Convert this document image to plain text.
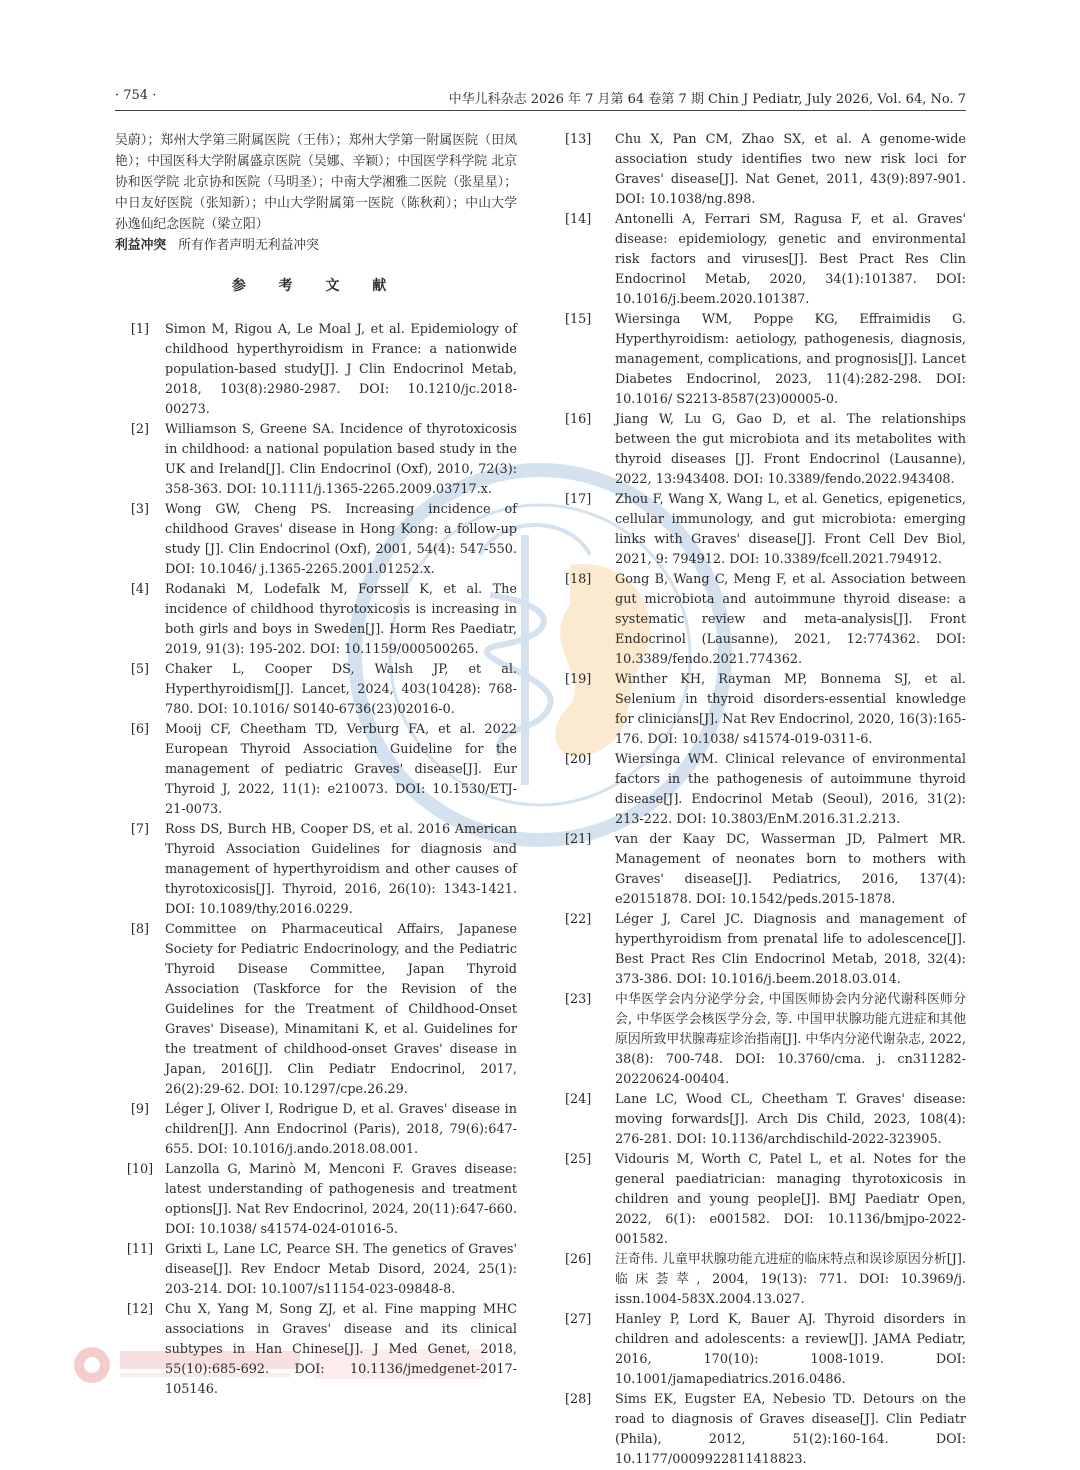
· 754 ·	中华儿科杂志 2026 年 7 月第 64 卷第 7 期 Chin J Pediatr, July 2026, Vol. 64, No. 7

吴蔚）；郑州大学第三附属医院（王伟）；郑州大学第一附属医院（田凤艳）；中国医科大学附属盛京医院（吴娜、辛颖）；中国医学科学院 北京协和医学院 北京协和医院（马明圣）；中南大学湘雅二医院（张星星）；中日友好医院（张知新）；中山大学附属第一医院（陈秋莉）；中山大学孙逸仙纪念医院（梁立阳）

利益冲突 所有作者声明无利益冲突

参 考 文 献
[1]	Simon M, Rigou A, Le Moal J, et al. Epidemiology of childhood hyperthyroidism in France: a nationwide population-based study[J]. J Clin Endocrinol Metab, 2018, 103(8):2980-2987. DOI: 10.1210/jc.2018-00273.
[2]	Williamson S, Greene SA. Incidence of thyrotoxicosis in childhood: a national population based study in the UK and Ireland[J]. Clin Endocrinol (Oxf), 2010, 72(3): 358-363. DOI: 10.1111/j.1365-2265.2009.03717.x.
[3]	Wong GW, Cheng PS. Increasing incidence of childhood Graves' disease in Hong Kong: a follow-up study [J]. Clin Endocrinol (Oxf), 2001, 54(4): 547-550. DOI: 10.1046/ j.1365-2265.2001.01252.x.
[4]	Rodanaki M, Lodefalk M, Forssell K, et al. The incidence of childhood thyrotoxicosis is increasing in both girls and boys in Sweden[J]. Horm Res Paediatr, 2019, 91(3): 195-202. DOI: 10.1159/000500265.
[5]	Chaker L, Cooper DS, Walsh JP, et al. Hyperthyroidism[J]. Lancet, 2024, 403(10428): 768-780. DOI: 10.1016/ S0140-6736(23)02016-0.
[6]	Mooij CF, Cheetham TD, Verburg FA, et al. 2022 European Thyroid Association Guideline for the management of pediatric Graves' disease[J]. Eur Thyroid J, 2022, 11(1): e210073. DOI: 10.1530/ETJ-21-0073.
[7]	Ross DS, Burch HB, Cooper DS, et al. 2016 American Thyroid Association Guidelines for diagnosis and management of hyperthyroidism and other causes of thyrotoxicosis[J]. Thyroid, 2016, 26(10): 1343-1421. DOI: 10.1089/thy.2016.0229.
[8]	Committee on Pharmaceutical Affairs, Japanese Society for Pediatric Endocrinology, and the Pediatric Thyroid Disease Committee, Japan Thyroid Association (Taskforce for the Revision of the Guidelines for the Treatment of Childhood-Onset Graves' Disease), Minamitani K, et al. Guidelines for the treatment of childhood-onset Graves' disease in Japan, 2016[J]. Clin Pediatr Endocrinol, 2017, 26(2):29-62. DOI: 10.1297/cpe.26.29.
[9]	Léger J, Oliver I, Rodrigue D, et al. Graves' disease in children[J]. Ann Endocrinol (Paris), 2018, 79(6):647-655. DOI: 10.1016/j.ando.2018.08.001.
[10] Lanzolla G, Marinò M, Menconi F. Graves disease: latest understanding of pathogenesis and treatment options[J]. Nat Rev Endocrinol, 2024, 20(11):647-660. DOI: 10.1038/ s41574-024-01016-5.
[11] Grixti L, Lane LC, Pearce SH. The genetics of Graves' disease[J]. Rev Endocr Metab Disord, 2024, 25(1): 203-214. DOI: 10.1007/s11154-023-09848-8.
[12] Chu X, Yang M, Song ZJ, et al. Fine mapping MHC associations in Graves' disease and its clinical subtypes in Han Chinese[J]. J Med Genet, 2018, 55(10):685-692. DOI: 10.1136/jmedgenet-2017-105146.
[13]	Chu X, Pan CM, Zhao SX, et al. A genome-wide association study identifies two new risk loci for Graves' disease[J]. Nat Genet, 2011, 43(9):897-901. DOI: 10.1038/ng.898.
[14]	Antonelli A, Ferrari SM, Ragusa F, et al. Graves' disease: epidemiology, genetic and environmental risk factors and viruses[J]. Best Pract Res Clin Endocrinol Metab, 2020, 34(1):101387. DOI: 10.1016/j.beem.2020.101387.
[15]	Wiersinga WM, Poppe KG, Effraimidis G. Hyperthyroidism: aetiology, pathogenesis, diagnosis, management, complications, and prognosis[J]. Lancet Diabetes Endocrinol, 2023, 11(4):282-298. DOI: 10.1016/ S2213-8587(23)00005-0.
[16]	Jiang W, Lu G, Gao D, et al. The relationships between the gut microbiota and its metabolites with thyroid diseases [J]. Front Endocrinol (Lausanne), 2022, 13:943408. DOI: 10.3389/fendo.2022.943408.
[17]	Zhou F, Wang X, Wang L, et al. Genetics, epigenetics, cellular immunology, and gut microbiota: emerging links with Graves' disease[J]. Front Cell Dev Biol, 2021, 9: 794912. DOI: 10.3389/fcell.2021.794912.
[18]	Gong B, Wang C, Meng F, et al. Association between gut microbiota and autoimmune thyroid disease: a systematic review and meta-analysis[J]. Front Endocrinol (Lausanne), 2021, 12:774362. DOI: 10.3389/fendo.2021.774362.
[19]	Winther KH, Rayman MP, Bonnema SJ, et al. Selenium in thyroid disorders-essential knowledge for clinicians[J]. Nat Rev Endocrinol, 2020, 16(3):165-176. DOI: 10.1038/ s41574-019-0311-6.
[20]	Wiersinga WM. Clinical relevance of environmental factors in the pathogenesis of autoimmune thyroid disease[J]. Endocrinol Metab (Seoul), 2016, 31(2): 213-222. DOI: 10.3803/EnM.2016.31.2.213.
[21]	van der Kaay DC, Wasserman JD, Palmert MR. Management of neonates born to mothers with Graves' disease[J]. Pediatrics, 2016, 137(4): e20151878. DOI: 10.1542/peds.2015-1878.
[22]	Léger J, Carel JC. Diagnosis and management of hyperthyroidism from prenatal life to adolescence[J]. Best Pract Res Clin Endocrinol Metab, 2018, 32(4): 373-386. DOI: 10.1016/j.beem.2018.03.014.
[23]	中华医学会内分泌学分会, 中国医师协会内分泌代谢科医师分会, 中华医学会核医学分会, 等. 中国甲状腺功能亢进症和其他原因所致甲状腺毒症诊治指南[J]. 中华内分泌代谢杂志, 2022, 38(8): 700-748. DOI: 10.3760/cma. j. cn311282-20220624-00404.
[24]	Lane LC, Wood CL, Cheetham T. Graves' disease: moving forwards[J]. Arch Dis Child, 2023, 108(4): 276-281. DOI: 10.1136/archdischild-2022-323905.
[25]	Vidouris M, Worth C, Patel L, et al. Notes for the general paediatrician: managing thyrotoxicosis in children and young people[J]. BMJ Paediatr Open, 2022, 6(1): e001582. DOI: 10.1136/bmjpo-2022-001582.
[26]	汪奇伟. 儿童甲状腺功能亢进症的临床特点和误诊原因分析[J]. 临床荟萃, 2004, 19(13): 771. DOI: 10.3969/j. issn.1004-583X.2004.13.027.
[27]	Hanley P, Lord K, Bauer AJ. Thyroid disorders in children and adolescents: a review[J]. JAMA Pediatr, 2016, 170(10): 1008-1019. DOI: 10.1001/jamapediatrics.2016.0486.
[28]	Sims EK, Eugster EA, Nebesio TD. Detours on the road to diagnosis of Graves disease[J]. Clin Pediatr (Phila), 2012, 51(2):160-164. DOI: 10.1177/0009922811418823.
